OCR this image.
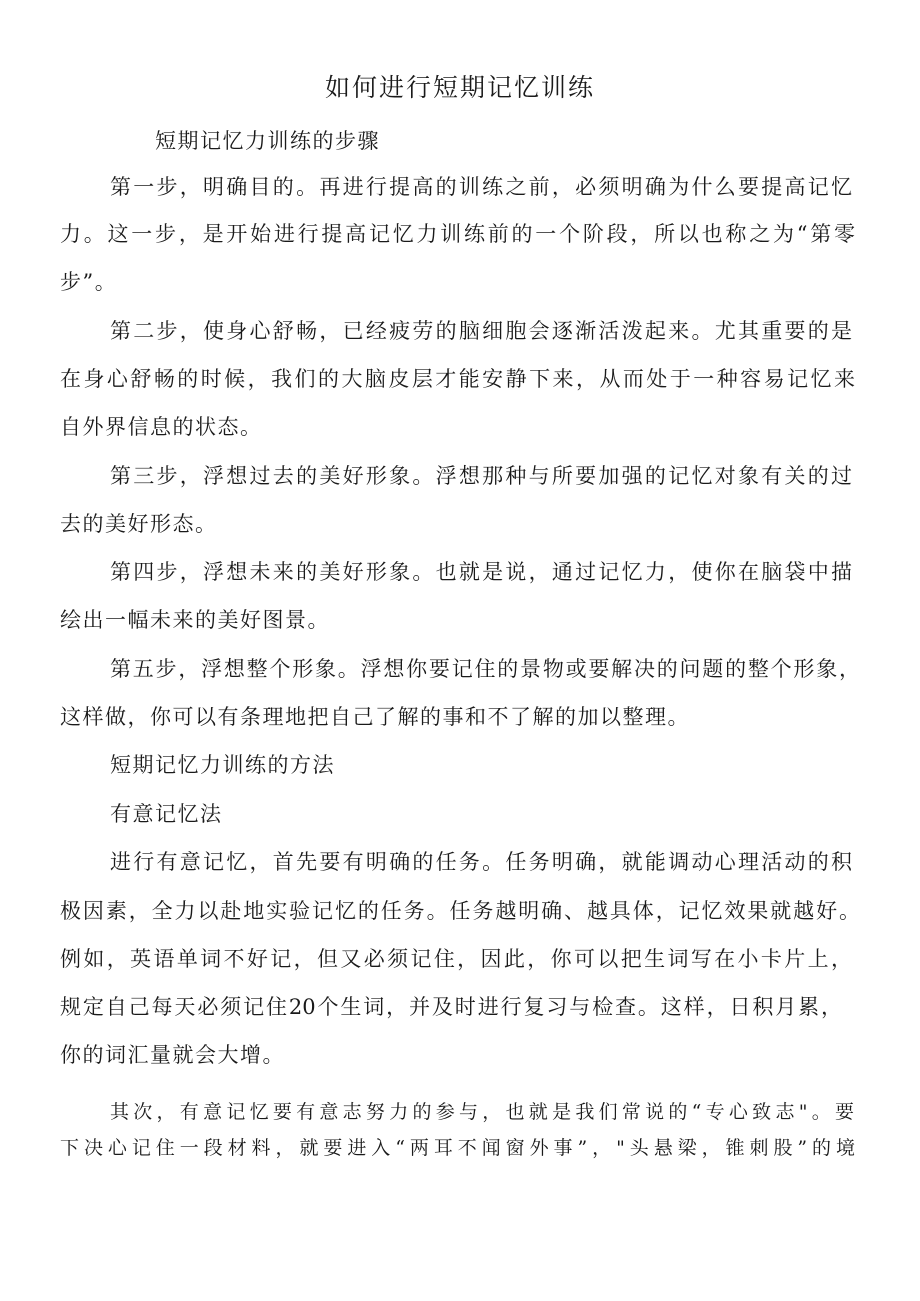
如何进行短期记忆训练
短期记忆力训练的步骤
第一步，明确目的。再进行提高的训练之前，必须明确为什么要提高记忆
力。这一步，是开始进行提高记忆力训练前的一个阶段，所以也称之为“第零
步”。
第二步，使身心舒畅，已经疲劳的脑细胞会逐渐活泼起来。尤其重要的是
在身心舒畅的时候，我们的大脑皮层才能安静下来，从而处于一种容易记忆来
自外界信息的状态。
第三步，浮想过去的美好形象。浮想那种与所要加强的记忆对象有关的过
去的美好形态。
第四步，浮想未来的美好形象。也就是说，通过记忆力，使你在脑袋中描
绘出一幅未来的美好图景。
第五步，浮想整个形象。浮想你要记住的景物或要解决的问题的整个形象，
这样做，你可以有条理地把自己了解的事和不了解的加以整理。
短期记忆力训练的方法
有意记忆法
进行有意记忆，首先要有明确的任务。任务明确，就能调动心理活动的积
极因素，全力以赴地实验记忆的任务。任务越明确、越具体，记忆效果就越好。
例如，英语单词不好记，但又必须记住，因此，你可以把生词写在小卡片上，
规定自己每天必须记住20个生词，并及时进行复习与检查。这样，日积月累，
你的词汇量就会大增。
其次，有意记忆要有意志努力的参与，也就是我们常说的“专心致志"。要
下决心记住一段材料，就要进入“两耳不闻窗外事”，"头悬梁，锥刺股”的境
